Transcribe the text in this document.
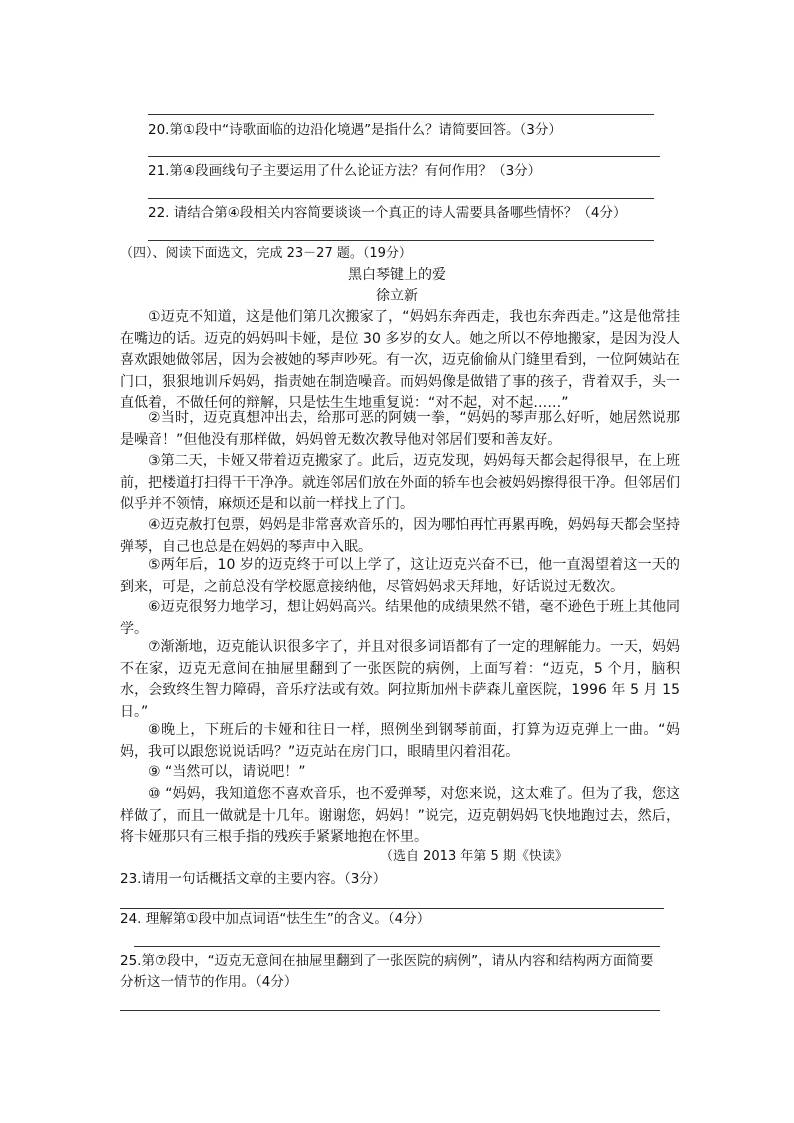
20.第①段中“诗歌面临的边沿化境遇”是指什么？请简要回答。（3分）
21.第④段画线句子主要运用了什么论证方法？有何作用？（3分）
22. 请结合第④段相关内容简要谈谈一个真正的诗人需要具备哪些情怀？（4分）
（四）、阅读下面选文，完成 23－27 题。（19分）
黑白琴键上的爱
徐立新

①迈克不知道，这是他们第几次搬家了，“妈妈东奔西走，我也东奔西走。”这是他常挂在嘴边的话。迈克的妈妈叫卡娅，是位 30 多岁的女人。她之所以不停地搬家，是因为没人喜欢跟她做邻居，因为会被她的琴声吵死。有一次，迈克偷偷从门缝里看到，一位阿姨站在门口，狠狠地训斥妈妈，指责她在制造噪音。而妈妈像是做错了事的孩子，背着双手，头一直低着，不做任何的辩解，只是怯生生地重复说：“对不起，对不起……”

②当时，迈克真想冲出去，给那可恶的阿姨一拳，“妈妈的琴声那么好听，她居然说那是噪音！”但他没有那样做，妈妈曾无数次教导他对邻居们要和善友好。

③第二天，卡娅又带着迈克搬家了。此后，迈克发现，妈妈每天都会起得很早，在上班前，把楼道打扫得干干净净。就连邻居们放在外面的轿车也会被妈妈擦得很干净。但邻居们似乎并不领情，麻烦还是和以前一样找上了门。

④迈克赦打包票，妈妈是非常喜欢音乐的，因为哪怕再忙再累再晚，妈妈每天都会坚持弹琴，自己也总是在妈妈的琴声中入眠。

⑤两年后，10 岁的迈克终于可以上学了，这让迈克兴奋不已，他一直渴望着这一天的到来，可是，之前总没有学校愿意接纳他，尽管妈妈求天拜地，好话说过无数次。

⑥迈克很努力地学习，想让妈妈高兴。结果他的成绩果然不错，毫不逊色于班上其他同学。

⑦渐渐地，迈克能认识很多字了，并且对很多词语都有了一定的理解能力。一天，妈妈不在家，迈克无意间在抽屉里翻到了一张医院的病例，上面写着：“迈克，5 个月，脑积水，会致终生智力障碍，音乐疗法或有效。阿拉斯加州卡萨森儿童医院，1996 年 5 月 15 日。”

⑧晚上，下班后的卡娅和往日一样，照例坐到钢琴前面，打算为迈克弹上一曲。“妈妈，我可以跟您说说话吗？”迈克站在房门口，眼睛里闪着泪花。

⑨ “当然可以，请说吧！”

⑩ “妈妈，我知道您不喜欢音乐，也不爱弹琴，对您来说，这太难了。但为了我，您这样做了，而且一做就是十几年。谢谢您，妈妈！”说完，迈克朝妈妈飞快地跑过去，然后，将卡娅那只有三根手指的残疾手紧紧地抱在怀里。

（选自 2013 年第 5 期《快读》
23.请用一句话概括文章的主要内容。（3分）
24. 理解第①段中加点词语“怯生生”的含义。（4分）
25.第⑦段中，“迈克无意间在抽屉里翻到了一张医院的病例”，请从内容和结构两方面简要
分析这一情节的作用。（4分）
